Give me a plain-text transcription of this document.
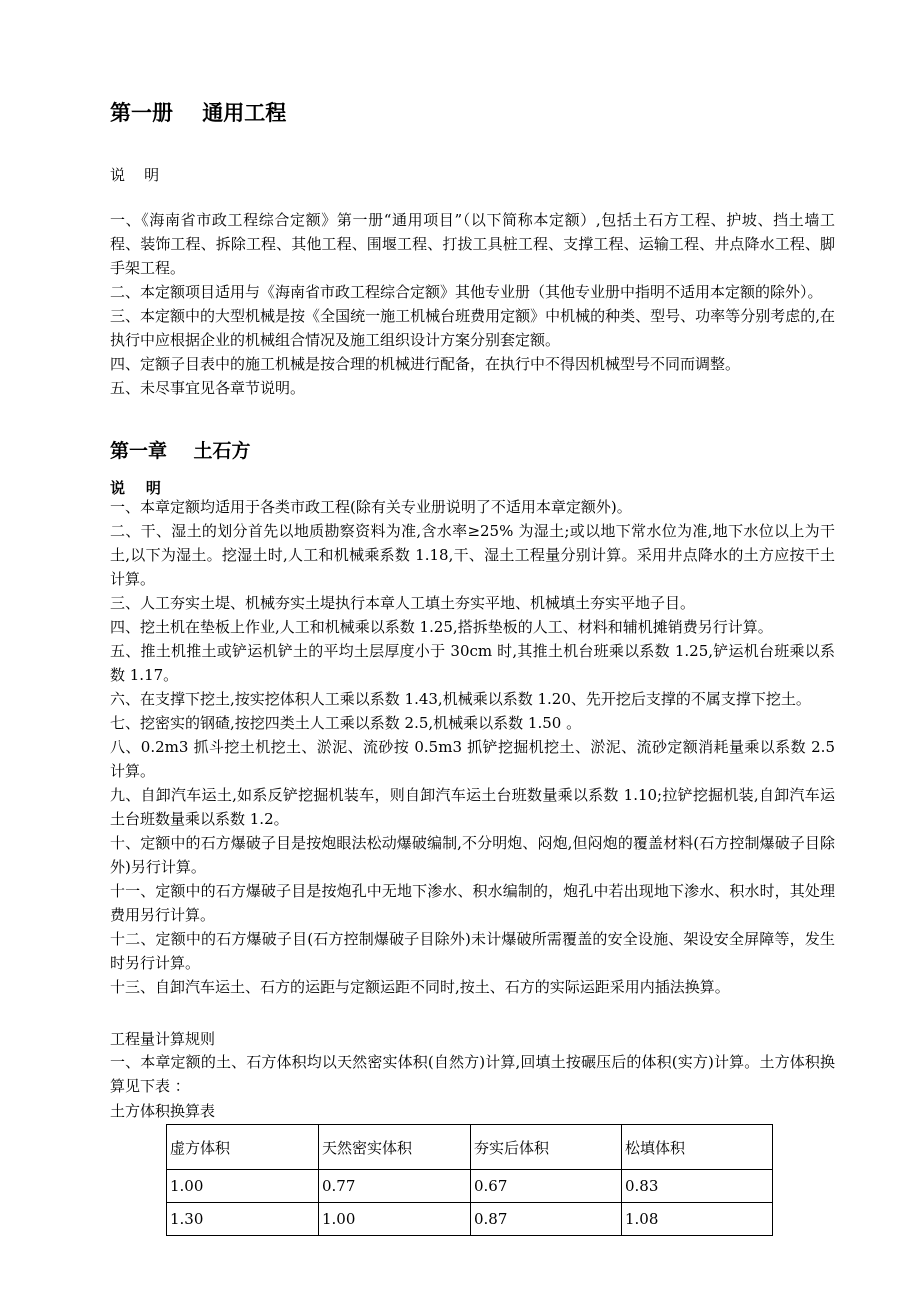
第一册    通用工程
说    明

一、《海南省市政工程综合定额》第一册“通用项目”（以下简称本定额）,包括土石方工程、护坡、挡土墙工程、装饰工程、拆除工程、其他工程、围堰工程、打拔工具桩工程、支撑工程、运输工程、井点降水工程、脚手架工程。

二、本定额项目适用与《海南省市政工程综合定额》其他专业册（其他专业册中指明不适用本定额的除外）。

三、本定额中的大型机械是按《全国统一施工机械台班费用定额》中机械的种类、型号、功率等分别考虑的,在执行中应根据企业的机械组合情况及施工组织设计方案分别套定额。

四、定额子目表中的施工机械是按合理的机械进行配备，在执行中不得因机械型号不同而调整。

五、未尽事宜见各章节说明。

第一章    土石方
说    明

一、本章定额均适用于各类市政工程(除有关专业册说明了不适用本章定额外)。

二、干、湿土的划分首先以地质勘察资料为准,含水率≥25% 为湿土;或以地下常水位为准,地下水位以上为干土,以下为湿土。挖湿土时,人工和机械乘系数 1.18,干、湿土工程量分别计算。采用井点降水的土方应按干土计算。

三、人工夯实土堤、机械夯实土堤执行本章人工填土夯实平地、机械填土夯实平地子目。

四、挖土机在垫板上作业,人工和机械乘以系数 1.25,搭拆垫板的人工、材料和辅机摊销费另行计算。

五、推土机推土或铲运机铲土的平均土层厚度小于 30cm 时,其推土机台班乘以系数 1.25,铲运机台班乘以系数 1.17。

六、在支撑下挖土,按实挖体积人工乘以系数 1.43,机械乘以系数 1.20、先开挖后支撑的不属支撑下挖土。

七、挖密实的钢碴,按挖四类土人工乘以系数 2.5,机械乘以系数 1.50 。

八、0.2m3 抓斗挖土机挖土、淤泥、流砂按 0.5m3 抓铲挖掘机挖土、淤泥、流砂定额消耗量乘以系数 2.5 计算。

九、自卸汽车运土,如系反铲挖掘机装车，则自卸汽车运土台班数量乘以系数 1.10;拉铲挖掘机装,自卸汽车运土台班数量乘以系数 1.2。

十、定额中的石方爆破子目是按炮眼法松动爆破编制,不分明炮、闷炮,但闷炮的覆盖材料(石方控制爆破子目除外)另行计算。

十一、定额中的石方爆破子目是按炮孔中无地下渗水、积水编制的，炮孔中若出现地下渗水、积水时，其处理费用另行计算。

十二、定额中的石方爆破子目(石方控制爆破子目除外)未计爆破所需覆盖的安全设施、架设安全屏障等，发生时另行计算。

十三、自卸汽车运土、石方的运距与定额运距不同时,按土、石方的实际运距采用内插法换算。

工程量计算规则

一、本章定额的土、石方体积均以天然密实体积(自然方)计算,回填土按碾压后的体积(实方)计算。土方体积换算见下表 ：

土方体积换算表
虚方体积	天然密实体积	夯实后体积	松填体积
1.00	0.77	0.67	0.83
1.30	1.00	0.87	1.08
